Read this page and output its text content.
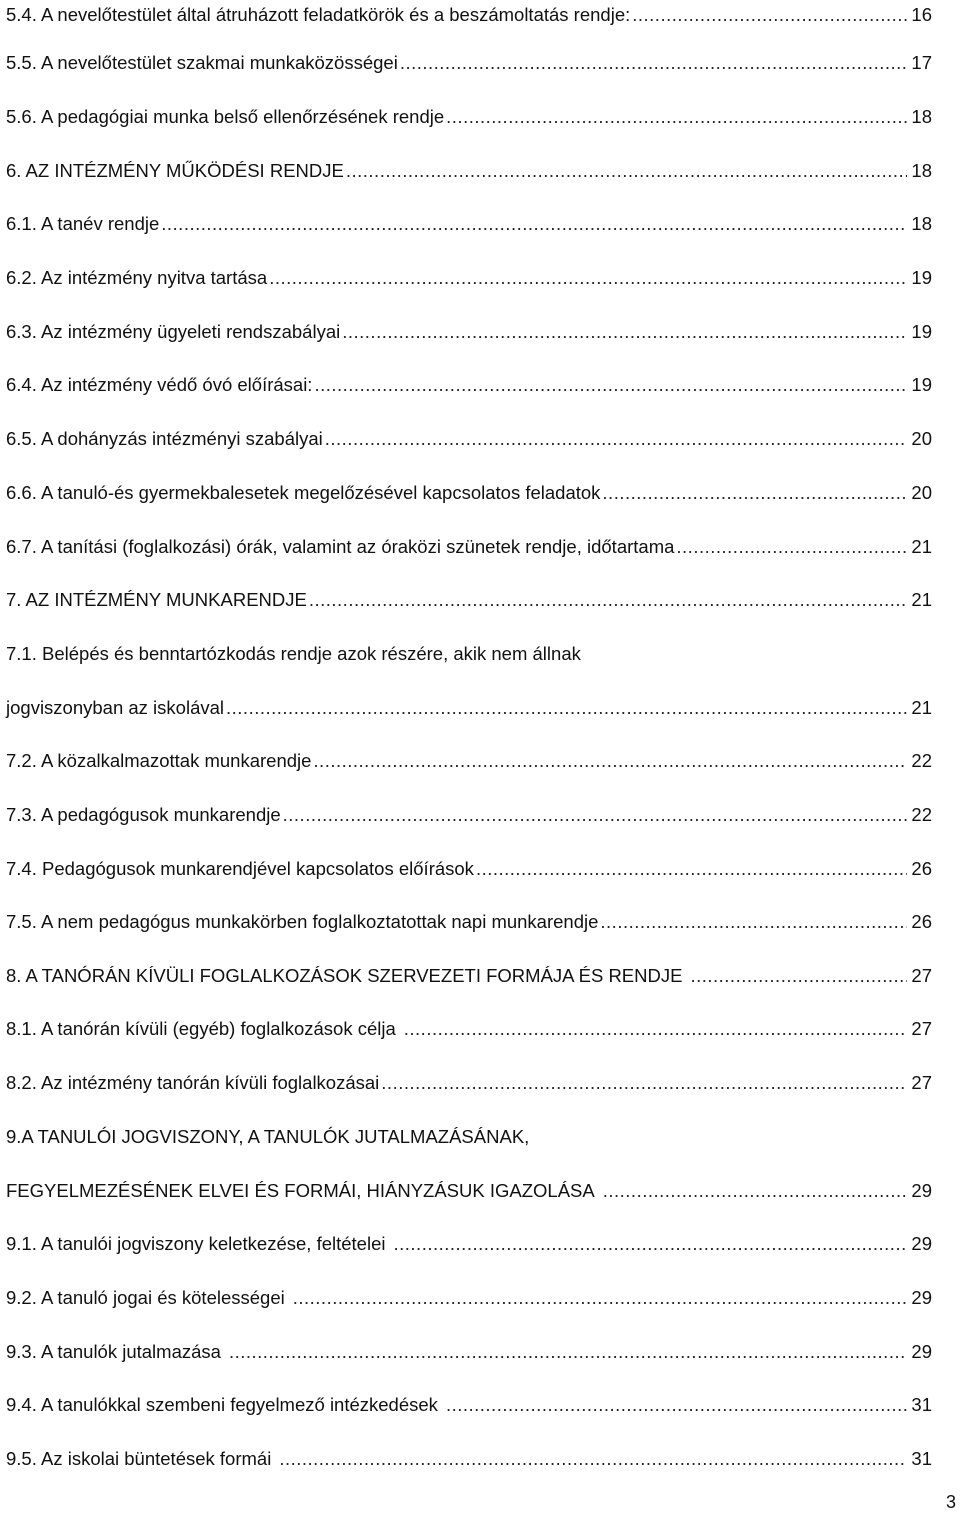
5.4. A nevelőtestület által átruházott feladatkörök és a beszámoltatás rendje: .....	16
5.5. A nevelőtestület szakmai munkaközösségei .....	17
5.6. A pedagógiai munka belső ellenőrzésének rendje .....	18
6. AZ INTÉZMÉNY MŰKÖDÉSI RENDJE .....	18
6.1. A tanév rendje .....	18
6.2. Az intézmény nyitva tartása .....	19
6.3. Az intézmény ügyeleti rendszabályai .....	19
6.4. Az intézmény védő óvó előírásai: .....	19
6.5. A dohányzás intézményi szabályai .....	20
6.6. A tanuló-és gyermekbalesetek megelőzésével kapcsolatos feladatok .....	20
6.7. A tanítási (foglalkozási) órák, valamint az óraközi szünetek rendje, időtartama .....	21
7. AZ INTÉZMÉNY MUNKARENDJE .....	21
7.1. Belépés és benntartózkodás rendje azok részére, akik nem állnak
jogviszonyban az iskolával .....	21
7.2. A közalkalmazottak munkarendje .....	22
7.3. A pedagógusok munkarendje .....	22
7.4. Pedagógusok munkarendjével kapcsolatos előírások .....	26
7.5. A nem pedagógus munkakörben foglalkoztatottak napi munkarendje .....	26
8. A TANÓRÁN KÍVÜLI FOGLALKOZÁSOK SZERVEZETI FORMÁJA ÉS RENDJE .....	27
8.1. A tanórán kívüli (egyéb) foglalkozások célja .....	27
8.2. Az intézmény tanórán kívüli foglalkozásai .....	27
9.A TANULÓI JOGVISZONY, A TANULÓK JUTALMAZÁSÁNAK,
FEGYELMEZÉSÉNEK ELVEI ÉS FORMÁI, HIÁNYZÁSUK IGAZOLÁSA .....	29
9.1. A tanulói jogviszony keletkezése, feltételei .....	29
9.2. A tanuló jogai és kötelességei .....	29
9.3. A tanulók jutalmazása .....	29
9.4. A tanulókkal szembeni fegyelmező intézkedések .....	31
9.5. Az iskolai büntetések formái .....	31
3
